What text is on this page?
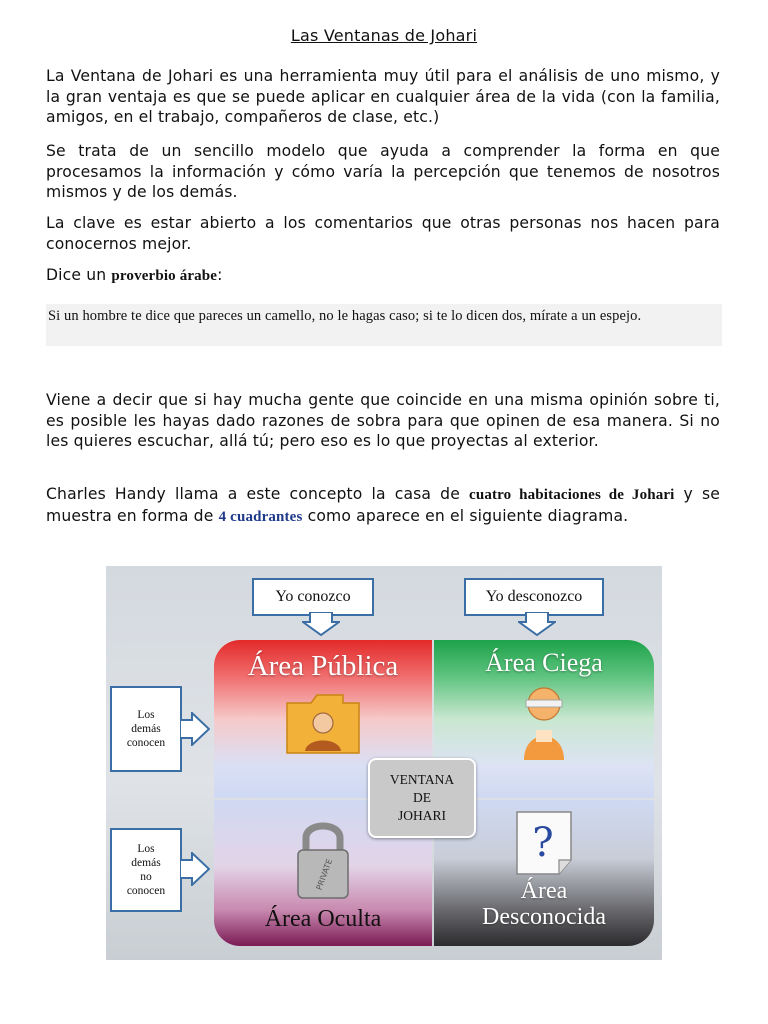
Las Ventanas de Johari

La Ventana de Johari es una herramienta muy útil para el análisis de uno mismo, y la gran ventaja es que se puede aplicar en cualquier área de la vida (con la familia, amigos, en el trabajo, compañeros de clase, etc.)

Se trata de un sencillo modelo que ayuda a comprender la forma en que procesamos la información y cómo varía la percepción que tenemos de nosotros mismos y de los demás.

La clave es estar abierto a los comentarios que otras personas nos hacen para conocernos mejor.

Dice un proverbio árabe:

Si un hombre te dice que pareces un camello, no le hagas caso; si te lo dicen dos, mírate a un espejo.

Viene a decir que si hay mucha gente que coincide en una misma opinión sobre ti, es posible les hayas dado razones de sobra para que opinen de esa manera. Si no les quieres escuchar, allá tú; pero eso es lo que proyectas al exterior.

Charles Handy llama a este concepto la casa de cuatro habitaciones de Johari y se muestra en forma de 4 cuadrantes como aparece en el siguiente diagrama.

Yo conozco	Yo desconozco
Los
demás
conocen
Los
demás
no
conocen
Área Pública	Área Ciega
PRIVATE
Área Oculta
?
Área
Desconocida
VENTANA
DE
JOHARI
